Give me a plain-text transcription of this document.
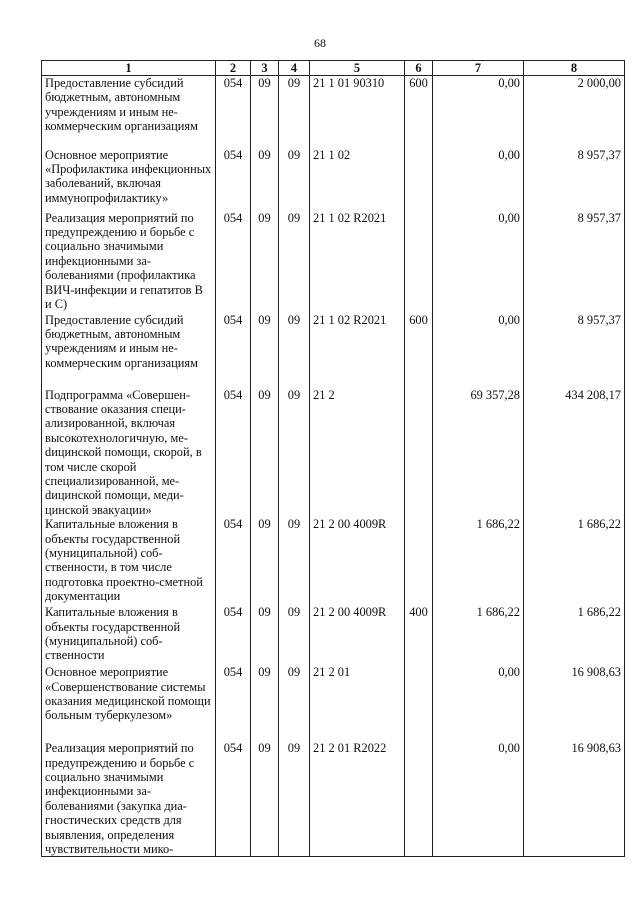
68
1	2	3	4	5	6	7	8
Предоставление субсидий бюджетным, автономным учреждениям и иным некоммерческим организациям	054	09	09	21 1 01 90310	600	0,00	2 000,00
Основное мероприятие «Профилактика инфекционных заболеваний, включая иммунопрофилактику»	054	09	09	21 1 02		0,00	8 957,37
Реализация мероприятий по предупреждению и борьбе с социально значимыми инфекционными заболеваниями (профилактика ВИЧ-инфекции и гепатитов В и С)	054	09	09	21 1 02 R2021		0,00	8 957,37
Предоставление субсидий бюджетным, автономным учреждениям и иным некоммерческим организациям	054	09	09	21 1 02 R2021	600	0,00	8 957,37
Подпрограмма «Совершенствование оказания специализированной, включая высокотехнологичную, меdицинской помощи, скорой, в том числе скорой специализированной, меdицинской помощи, медицинской эвакуации»	054	09	09	21 2		69 357,28	434 208,17
Капитальные вложения в объекты государственной (муниципальной) собственности, в том числе подготовка проектно-сметной документации	054	09	09	21 2 00 4009R		1 686,22	1 686,22
Капитальные вложения в объекты государственной (муниципальной) собственности	054	09	09	21 2 00 4009R	400	1 686,22	1 686,22
Основное мероприятие «Совершенствование системы оказания медицинской помощи больным туберкулезом»	054	09	09	21 2 01		0,00	16 908,63
Реализация мероприятий по предупреждению и борьбе с социально значимыми инфекционными заболеваниями (закупка диагностических средств для выявления, определения чувствительности мико-	054	09	09	21 2 01 R2022		0,00	16 908,63
